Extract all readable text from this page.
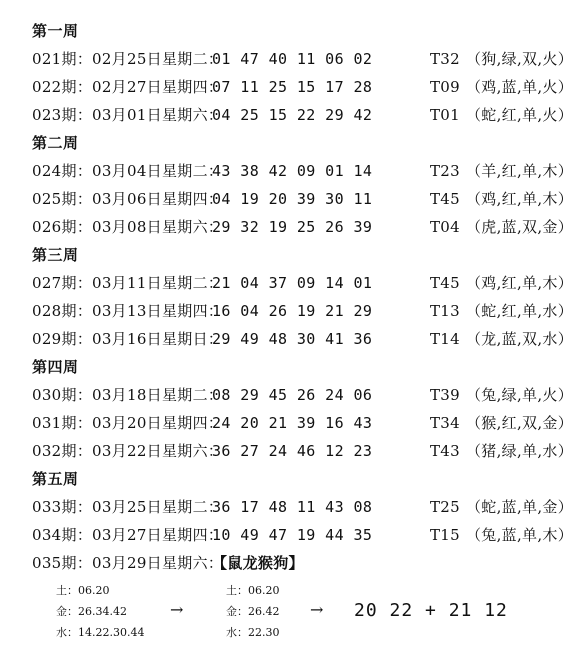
第一周
021期：02月25日星期二：01 47 40 11 06 02	T32 （狗,绿,双,火）
022期：02月27日星期四：07 11 25 15 17 28	T09 （鸡,蓝,单,火）
023期：03月01日星期六：04 25 15 22 29 42	T01 （蛇,红,单,火）
第二周
024期：03月04日星期二：43 38 42 09 01 14	T23 （羊,红,单,木）
025期：03月06日星期四：04 19 20 39 30 11	T45 （鸡,红,单,木）
026期：03月08日星期六：29 32 19 25 26 39	T04 （虎,蓝,双,金）
第三周
027期：03月11日星期二：21 04 37 09 14 01	T45 （鸡,红,单,木）
028期：03月13日星期四：16 04 26 19 21 29	T13 （蛇,红,单,水）
029期：03月16日星期日：29 49 48 30 41 36	T14 （龙,蓝,双,水）
第四周
030期：03月18日星期二：08 29 45 26 24 06	T39 （兔,绿,单,火）
031期：03月20日星期四：24 20 21 39 16 43	T34 （猴,红,双,金）
032期：03月22日星期六：36 27 24 46 12 23	T43 （猪,绿,单,水）
第五周
033期：03月25日星期二：36 17 48 11 43 08	T25 （蛇,蓝,单,金）
034期：03月27日星期四：10 49 47 19 44 35	T15 （兔,蓝,单,木）
035期：03月29日星期六：【鼠龙猴狗】
土：06.20
金：26.34.42
水：14.22.30.44
→
土：06.20
金：26.42
水：22.30
→ 20 22 + 21 12
